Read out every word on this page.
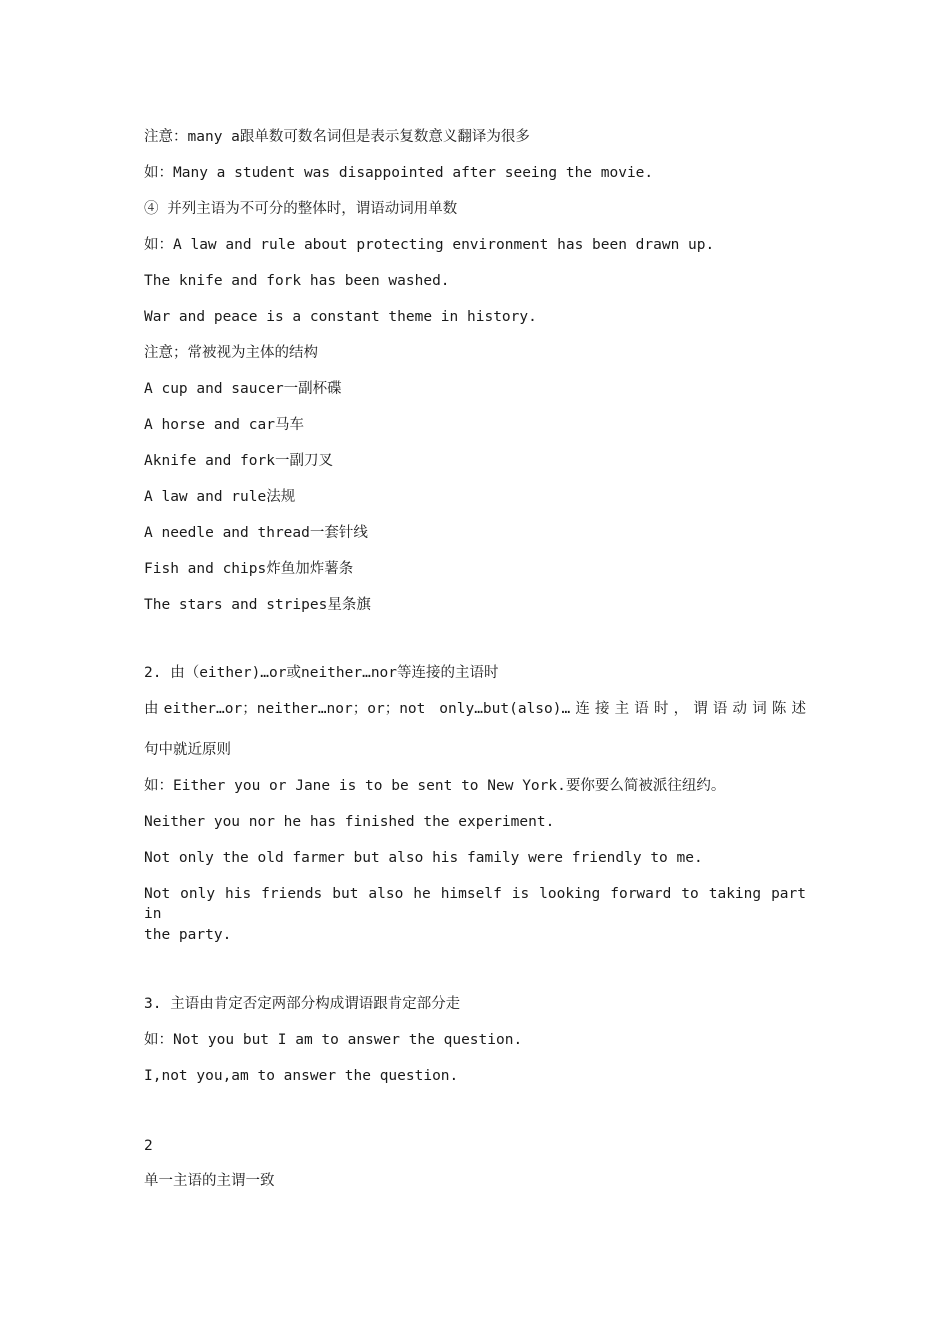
注意：many a跟单数可数名词但是表示复数意义翻译为很多
如：Many a student was disappointed after seeing the movie.
④ 并列主语为不可分的整体时，谓语动词用单数
如：A law and rule about protecting environment has been drawn up.
The knife and fork has been washed.
War and peace is a constant theme in history.
注意；常被视为主体的结构
A cup and saucer一副杯碟
A horse and car马车
Aknife and fork一副刀叉
A law and rule法规
A needle and thread一套针线
Fish and chips炸鱼加炸薯条
The stars and stripes星条旗
2. 由（either)…or或neither…nor等连接的主语时
由either…or；neither…nor；or；not only…but(also)…连接主语时，谓语动词陈述
句中就近原则
如：Either you or Jane is to be sent to New York.要你要么简被派往纽约。
Neither you nor he has finished the experiment.
Not only the old farmer but also his family were friendly to me.
Not only his friends but also he himself is looking forward to taking part in
the party.
3. 主语由肯定否定两部分构成谓语跟肯定部分走
如：Not you but I am to answer the question.
I,not you,am to answer the question.
2
单一主语的主谓一致
